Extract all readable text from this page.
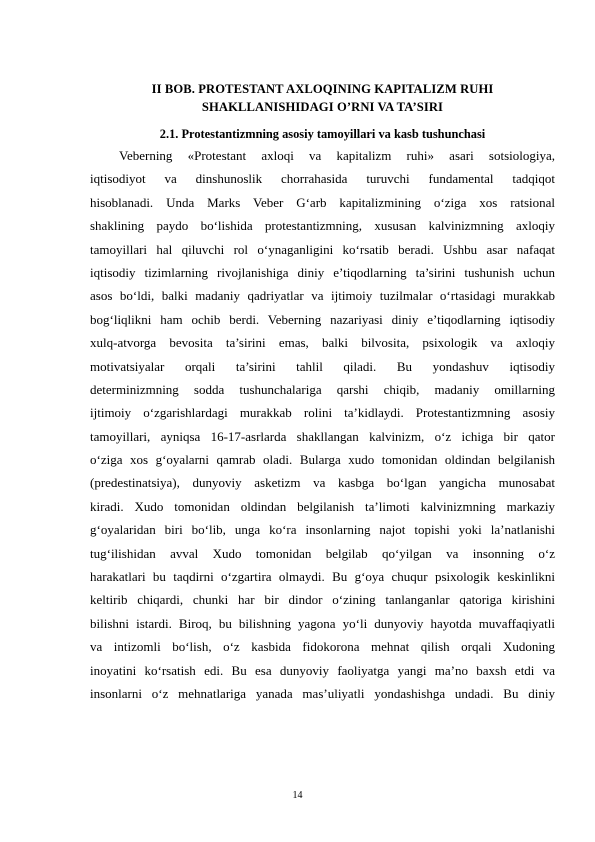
II BOB. PROTESTANT AXLOQINING KAPITALIZM RUHI
SHAKLLANISHIDAGI O’RNI VA TA’SIRI
2.1. Protestantizmning asosiy tamoyillari va kasb tushunchasi
Veberning «Protestant axloqi va kapitalizm ruhi» asari sotsiologiya,
iqtisodiyot va dinshunoslik chorrahasida turuvchi fundamental tadqiqot
hisoblanadi. Unda Marks Veber G‘arb kapitalizmining o‘ziga xos ratsional
shaklining paydo bo‘lishida protestantizmning, xususan kalvinizmning axloqiy
tamoyillari hal qiluvchi rol o‘ynaganligini ko‘rsatib beradi. Ushbu asar nafaqat
iqtisodiy tizimlarning rivojlanishiga diniy e’tiqodlarning ta’sirini tushunish uchun
asos bo‘ldi, balki madaniy qadriyatlar va ijtimoiy tuzilmalar o‘rtasidagi murakkab
bog‘liqlikni ham ochib berdi. Veberning nazariyasi diniy e’tiqodlarning iqtisodiy
xulq-atvorga bevosita ta’sirini emas, balki bilvosita, psixologik va axloqiy
motivatsiyalar orqali ta’sirini tahlil qiladi. Bu yondashuv iqtisodiy
determinizmning sodda tushunchalariga qarshi chiqib, madaniy omillarning
ijtimoiy o‘zgarishlardagi murakkab rolini ta’kidlaydi. Protestantizmning asosiy
tamoyillari, ayniqsa 16-17-asrlarda shakllangan kalvinizm, o‘z ichiga bir qator
o‘ziga xos g‘oyalarni qamrab oladi. Bularga xudo tomonidan oldindan belgilanish
(predestinatsiya), dunyoviy asketizm va kasbga bo‘lgan yangicha munosabat
kiradi. Xudo tomonidan oldindan belgilanish ta’limoti kalvinizmning markaziy
g‘oyalaridan biri bo‘lib, unga ko‘ra insonlarning najot topishi yoki la’natlanishi
tug‘ilishidan avval Xudo tomonidan belgilab qo‘yilgan va insonning o‘z
harakatlari bu taqdirni o‘zgartira olmaydi. Bu g‘oya chuqur psixologik keskinlikni
keltirib chiqardi, chunki har bir dindor o‘zining tanlanganlar qatoriga kirishini
bilishni istardi. Biroq, bu bilishning yagona yo‘li dunyoviy hayotda muvaffaqiyatli
va intizomli bo‘lish, o‘z kasbida fidokorona mehnat qilish orqali Xudoning
inoyatini ko‘rsatish edi. Bu esa dunyoviy faoliyatga yangi ma’no baxsh etdi va
insonlarni o‘z mehnatlariga yanada mas’uliyatli yondashishga undadi. Bu diniy
14
